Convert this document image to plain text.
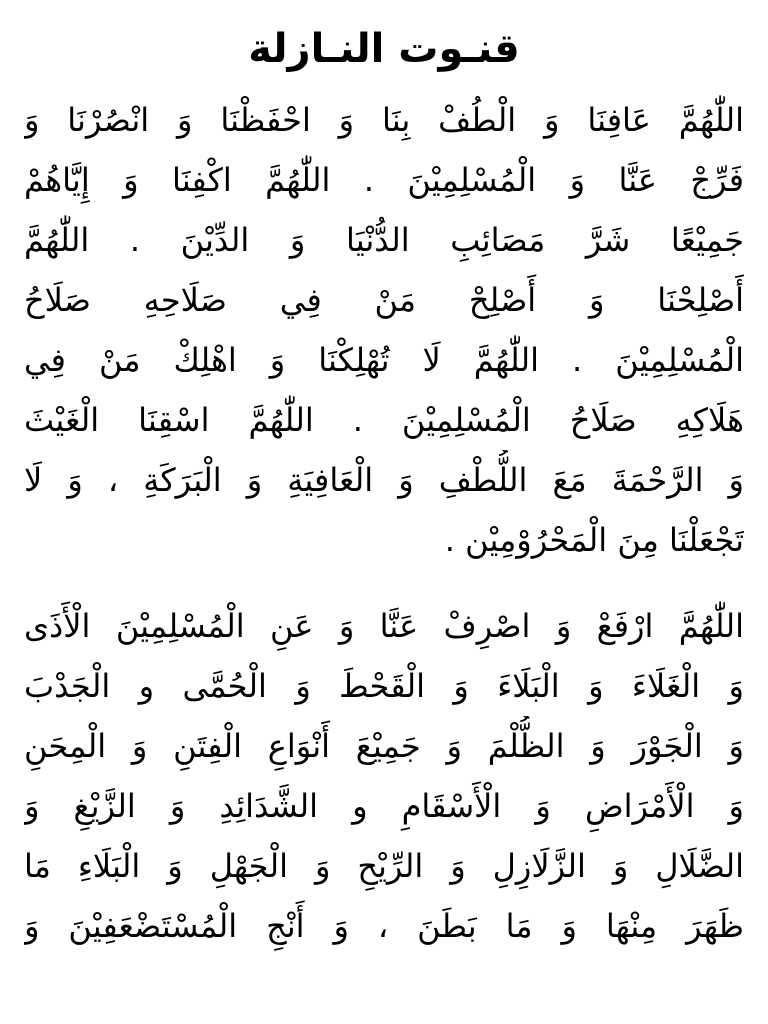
قنـوت النـازلة
اللّٰهُمَّ عَافِنَا وَ الْطُفْ بِنَا وَ احْفَظْنَا وَ انْصُرْنَا وَ
فَرِّجْ عَنَّا وَ الْمُسْلِمِيْنَ . اللّٰهُمَّ اكْفِنَا وَ إِيَّاهُمْ
جَمِيْعًا شَرَّ مَصَائِبِ الدُّنْيَا وَ الدِّيْنَ . اللّٰهُمَّ
أَصْلِحْنَا وَ أَصْلِحْ مَنْ فِي صَلَاحِهِ صَلَاحُ
الْمُسْلِمِيْنَ . اللّٰهُمَّ لَا تُهْلِكْنَا وَ اهْلِكْ مَنْ فِي
هَلَاكِهِ صَلَاحُ الْمُسْلِمِيْنَ . اللّٰهُمَّ اسْقِنَا الْغَيْثَ
وَ الرَّحْمَةَ مَعَ اللُّطْفِ وَ الْعَافِيَةِ وَ الْبَرَكَةِ ، وَ لَا
تَجْعَلْنَا مِنَ الْمَحْرُوْمِيْن .
اللّٰهُمَّ ارْفَعْ وَ اصْرِفْ عَنَّا وَ عَنِ الْمُسْلِمِيْنَ الْأَذَى
وَ الْغَلَاءَ وَ الْبَلَاءَ وَ الْقَحْطَ وَ الْحُمَّى و الْجَدْبَ
وَ الْجَوْرَ وَ الظُّلْمَ وَ جَمِيْعَ أَنْوَاعِ الْفِتَنِ وَ الْمِحَنِ
وَ الْأَمْرَاضِ وَ الْأَسْقَامِ و الشَّدَائِدِ وَ الزَّيْغِ وَ
الضَّلَالِ وَ الزَّلَازِلِ وَ الرِّيْحِ وَ الْجَهْلِ وَ الْبَلَاءِ مَا
ظَهَرَ مِنْهَا وَ مَا بَطَنَ ، وَ أَنْجِ الْمُسْتَضْعَفِيْنَ وَ
